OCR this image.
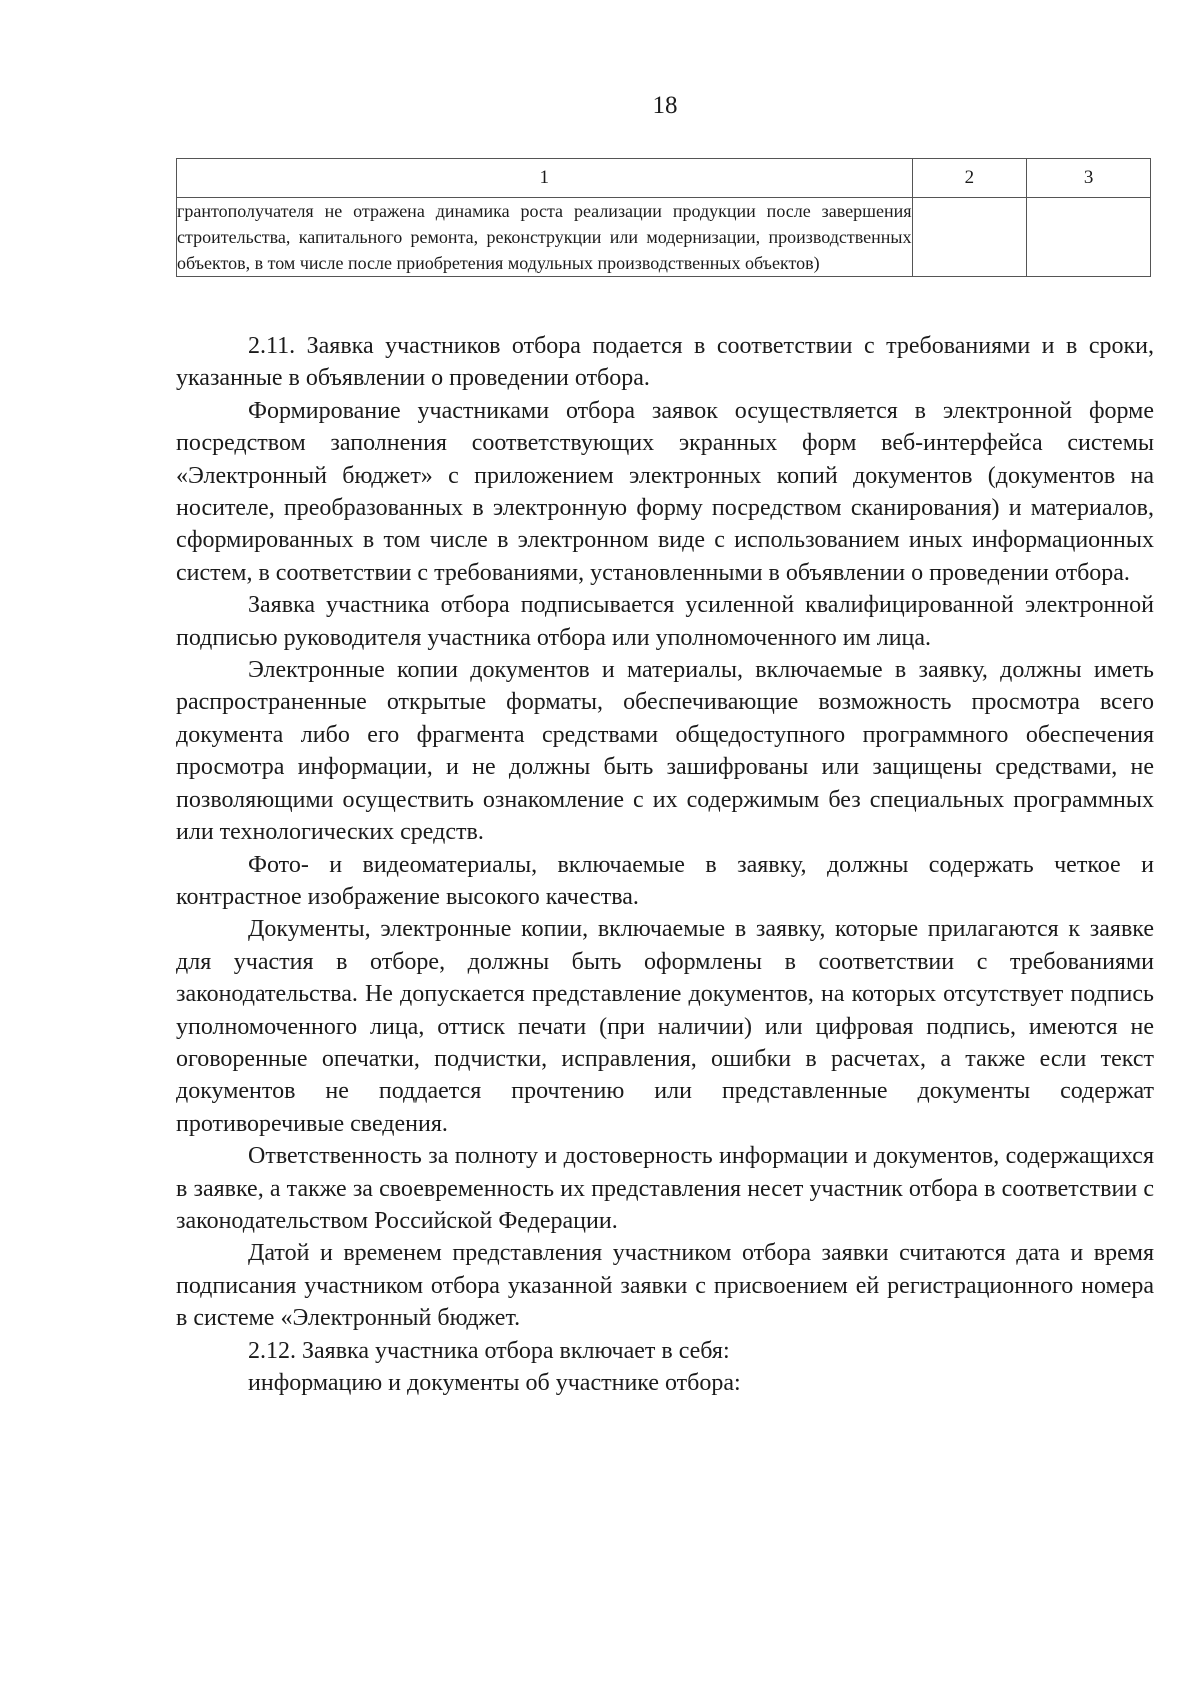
18
1	2	3
грантополучателя не отражена динамика роста реализации продукции после завершения строительства, капитального ремонта, реконструкции или модернизации, производственных объектов, в том числе после приобретения модульных производственных объектов)		

2.11. Заявка участников отбора подается в соответствии с требованиями и в сроки, указанные в объявлении о проведении отбора.

Формирование участниками отбора заявок осуществляется в электронной форме посредством заполнения соответствующих экранных форм веб-интерфейса системы «Электронный бюджет» с приложением электронных копий документов (документов на носителе, преобразованных в электронную форму посредством сканирования) и материалов, сформированных в том числе в электронном виде с использованием иных информационных систем, в соответствии с требованиями, установленными в объявлении о проведении отбора.

Заявка участника отбора подписывается усиленной квалифицированной электронной подписью руководителя участника отбора или уполномоченного им лица.

Электронные копии документов и материалы, включаемые в заявку, должны иметь распространенные открытые форматы, обеспечивающие возможность просмотра всего документа либо его фрагмента средствами общедоступного программного обеспечения просмотра информации, и не должны быть зашифрованы или защищены средствами, не позволяющими осуществить ознакомление с их содержимым без специальных программных или технологических средств.

Фото- и видеоматериалы, включаемые в заявку, должны содержать четкое и контрастное изображение высокого качества.

Документы, электронные копии, включаемые в заявку, которые прилагаются к заявке для участия в отборе, должны быть оформлены в соответствии с требованиями законодательства. Не допускается представление документов, на которых отсутствует подпись уполномоченного лица, оттиск печати (при наличии) или цифровая подпись, имеются не оговоренные опечатки, подчистки, исправления, ошибки в расчетах, а также если текст документов не поддается прочтению или представленные документы содержат противоречивые сведения.

Ответственность за полноту и достоверность информации и документов, содержащихся в заявке, а также за своевременность их представления несет участник отбора в соответствии с законодательством Российской Федерации.

Датой и временем представления участником отбора заявки считаются дата и время подписания участником отбора указанной заявки с присвоением ей регистрационного номера в системе «Электронный бюджет.

2.12. Заявка участника отбора включает в себя:

информацию и документы об участнике отбора:
